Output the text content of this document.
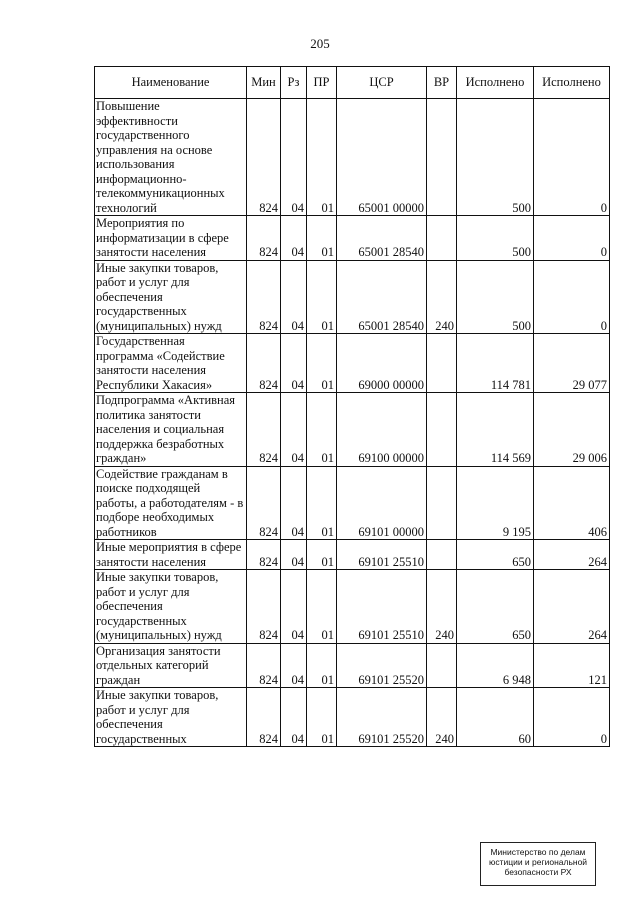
205
Наименование	Мин	Рз	ПР	ЦСР	ВР	Исполнено	Исполнено
Повышение эффективности государственного управления на основе использования информационно-телекоммуникационных технологий	824	04	01	65001 00000		500	0
Мероприятия по информатизации в сфере занятости населения	824	04	01	65001 28540		500	0
Иные закупки товаров, работ и услуг для обеспечения государственных (муниципальных) нужд	824	04	01	65001 28540	240	500	0
Государственная программа «Содействие занятости населения Республики Хакасия»	824	04	01	69000 00000		114 781	29 077
Подпрограмма «Активная политика занятости населения и социальная поддержка безработных граждан»	824	04	01	69100 00000		114 569	29 006
Содействие гражданам в поиске подходящей работы, а работодателям - в подборе необходимых работников	824	04	01	69101 00000		9 195	406
Иные мероприятия в сфере занятости населения	824	04	01	69101 25510		650	264
Иные закупки товаров, работ и услуг для обеспечения государственных (муниципальных) нужд	824	04	01	69101 25510	240	650	264
Организация занятости отдельных категорий граждан	824	04	01	69101 25520		6 948	121
Иные закупки товаров, работ и услуг для обеспечения государственных	824	04	01	69101 25520	240	60	0
Министерство по делам
юстиции и региональной
безопасности РХ
